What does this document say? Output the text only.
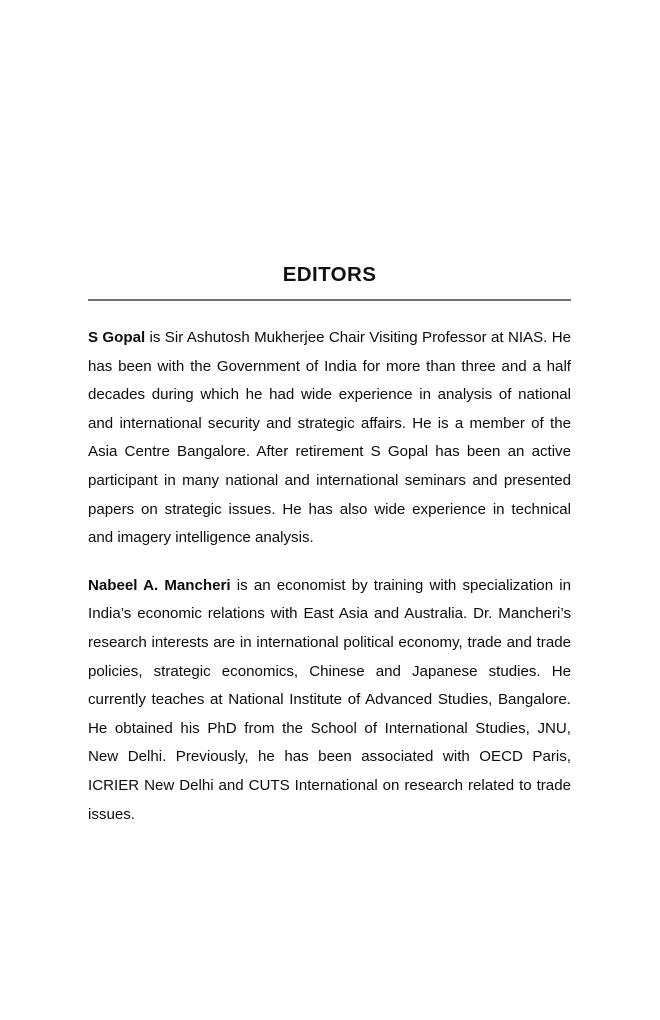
EDITORS

S Gopal is Sir Ashutosh Mukherjee Chair Visiting Professor at NIAS. He has been with the Government of India for more than three and a half decades during which he had wide experience in analysis of national and international security and strategic affairs. He is a member of the Asia Centre Bangalore. After retirement S Gopal has been an active participant in many national and international seminars and presented papers on strategic issues. He has also wide experience in technical and imagery intelligence analysis.

Nabeel A. Mancheri is an economist by training with specialization in India’s economic relations with East Asia and Australia. Dr. Mancheri’s research interests are in international political economy, trade and trade policies, strategic economics, Chinese and Japanese studies. He currently teaches at National Institute of Advanced Studies, Bangalore. He obtained his PhD from the School of International Studies, JNU, New Delhi. Previously, he has been associated with OECD Paris, ICRIER New Delhi and CUTS International on research related to trade issues.
